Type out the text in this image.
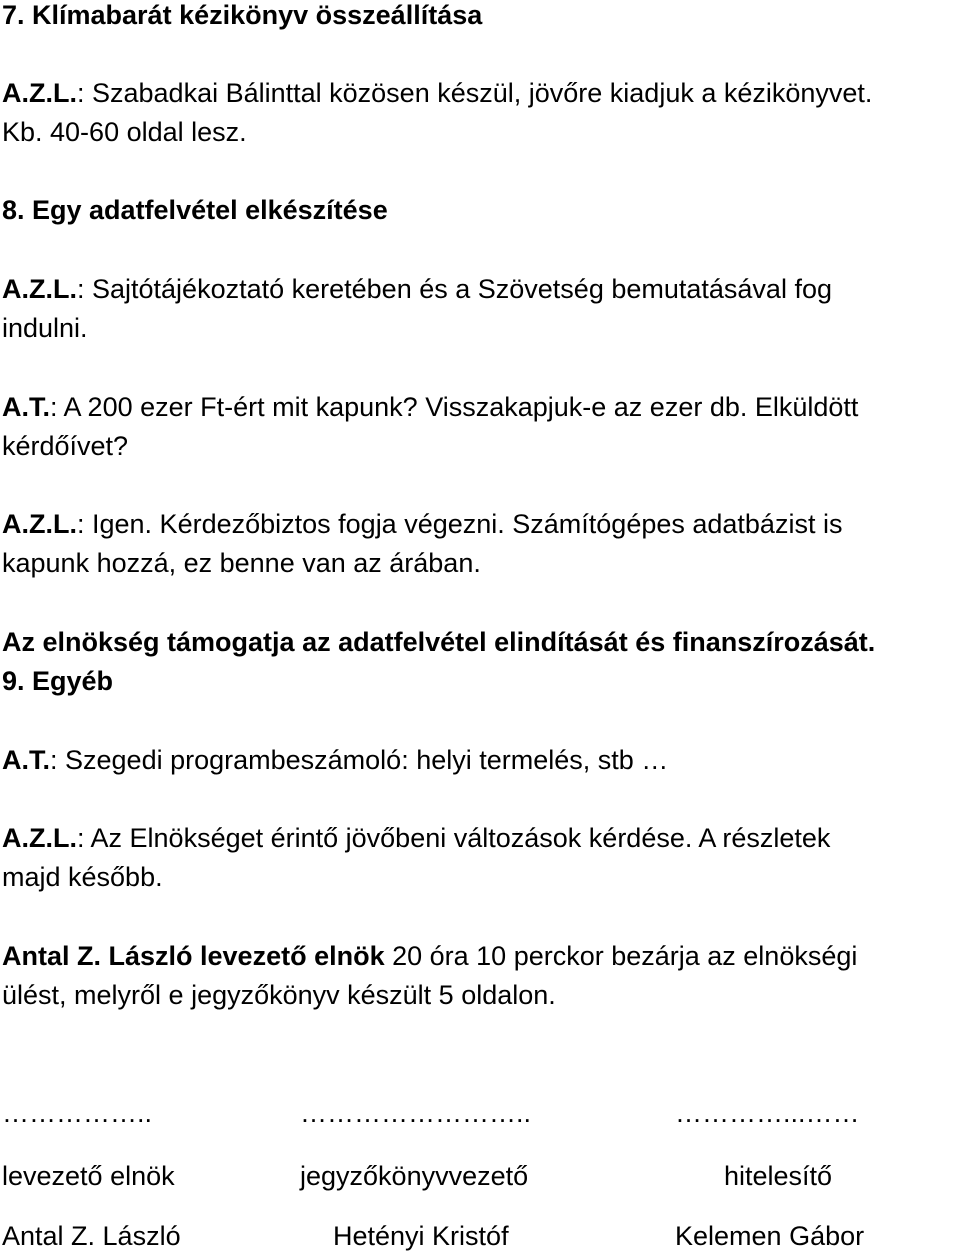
7. Klímabarát kézikönyv összeállítása
A.Z.L.: Szabadkai Bálinttal közösen készül, jövőre kiadjuk a kézikönyvet.
Kb. 40-60 oldal lesz.
8. Egy adatfelvétel elkészítése
A.Z.L.: Sajtótájékoztató keretében és a Szövetség bemutatásával fog
indulni.
A.T.: A 200 ezer Ft-ért mit kapunk? Visszakapjuk-e az ezer db. Elküldött
kérdőívet?
A.Z.L.: Igen. Kérdezőbiztos fogja végezni. Számítógépes adatbázist is
kapunk hozzá, ez benne van az árában.
Az elnökség támogatja az adatfelvétel elindítását és finanszírozását.
9. Egyéb
A.T.: Szegedi programbeszámoló: helyi termelés, stb …
A.Z.L.: Az Elnökséget érintő jövőbeni változások kérdése. A részletek
majd később.
Antal Z. László levezető elnök 20 óra 10 perckor bezárja az elnökségi
ülést, melyről e jegyzőkönyv készült 5 oldalon.
……………..	……………………..	…………...……
levezető elnök	jegyzőkönyvvezető	hitelesítő
Antal Z. László	Hetényi Kristóf	Kelemen Gábor
